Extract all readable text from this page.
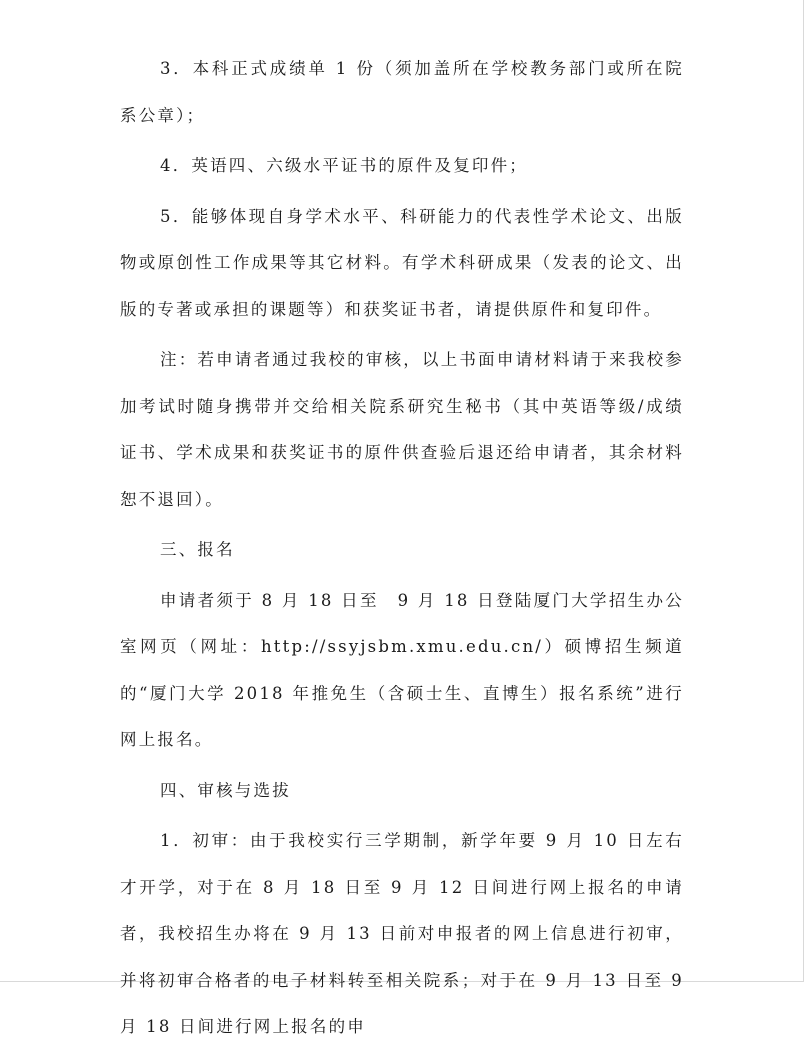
3．本科正式成绩单 1 份（须加盖所在学校教务部门或所在院系公章）；

4．英语四、六级水平证书的原件及复印件；

5．能够体现自身学术水平、科研能力的代表性学术论文、出版物或原创性工作成果等其它材料。有学术科研成果（发表的论文、出版的专著或承担的课题等）和获奖证书者，请提供原件和复印件。

注：若申请者通过我校的审核，以上书面申请材料请于来我校参加考试时随身携带并交给相关院系研究生秘书（其中英语等级/成绩证书、学术成果和获奖证书的原件供查验后退还给申请者，其余材料恕不退回）。

三、报名

申请者须于 8 月 18 日至　9 月 18 日登陆厦门大学招生办公室网页（网址：http://ssyjsbm.xmu.edu.cn/）硕博招生频道的“厦门大学 2018 年推免生（含硕士生、直博生）报名系统”进行网上报名。

四、审核与选拔

1．初审：由于我校实行三学期制，新学年要 9 月 10 日左右才开学，对于在 8 月 18 日至 9 月 12 日间进行网上报名的申请者，我校招生办将在 9 月 13 日前对申报者的网上信息进行初审，并将初审合格者的电子材料转至相关院系；对于在 9 月 13 日至 9 月 18 日间进行网上报名的申
